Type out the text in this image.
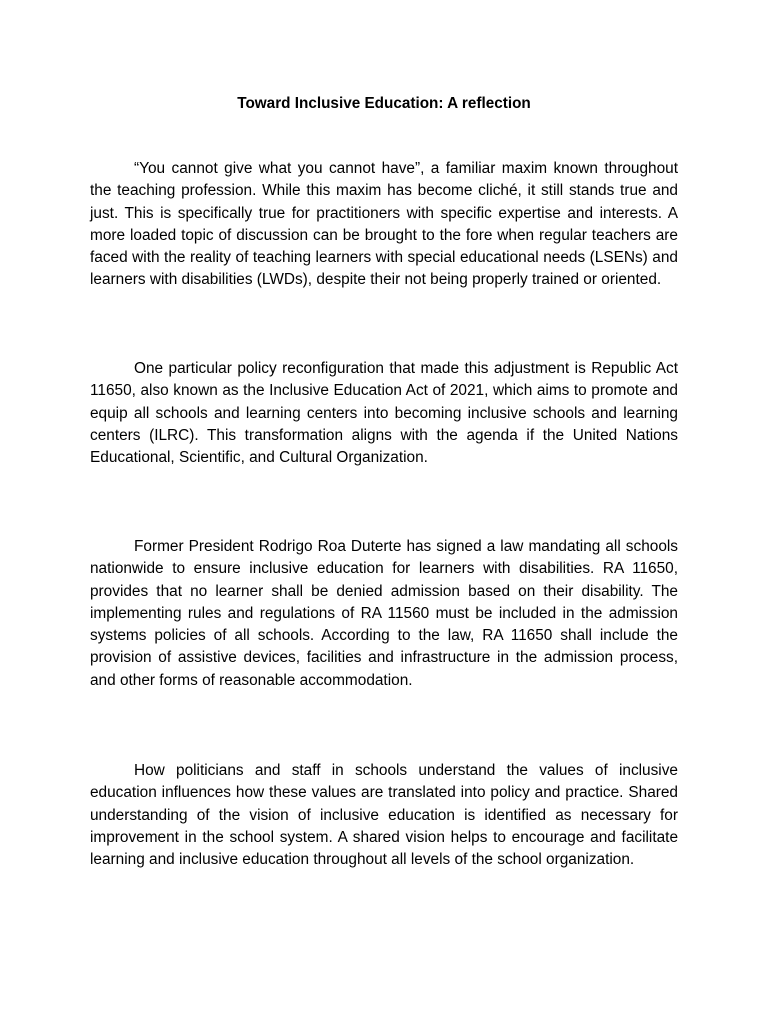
Toward Inclusive Education: A reflection

“You cannot give what you cannot have”, a familiar maxim known throughout the teaching profession. While this maxim has become cliché, it still stands true and just. This is specifically true for practitioners with specific expertise and interests. A more loaded topic of discussion can be brought to the fore when regular teachers are faced with the reality of teaching learners with special educational needs (LSENs) and learners with disabilities (LWDs), despite their not being properly trained or oriented.

One particular policy reconfiguration that made this adjustment is Republic Act 11650, also known as the Inclusive Education Act of 2021, which aims to promote and equip all schools and learning centers into becoming inclusive schools and learning centers (ILRC). This transformation aligns with the agenda if the United Nations Educational, Scientific, and Cultural Organization.

Former President Rodrigo Roa Duterte has signed a law mandating all schools nationwide to ensure inclusive education for learners with disabilities. RA 11650, provides that no learner shall be denied admission based on their disability. The implementing rules and regulations of RA 11560 must be included in the admission systems policies of all schools. According to the law, RA 11650 shall include the provision of assistive devices, facilities and infrastructure in the admission process, and other forms of reasonable accommodation.

How politicians and staff in schools understand the values of inclusive education influences how these values are translated into policy and practice. Shared understanding of the vision of inclusive education is identified as necessary for improvement in the school system. A shared vision helps to encourage and facilitate learning and inclusive education throughout all levels of the school organization.
